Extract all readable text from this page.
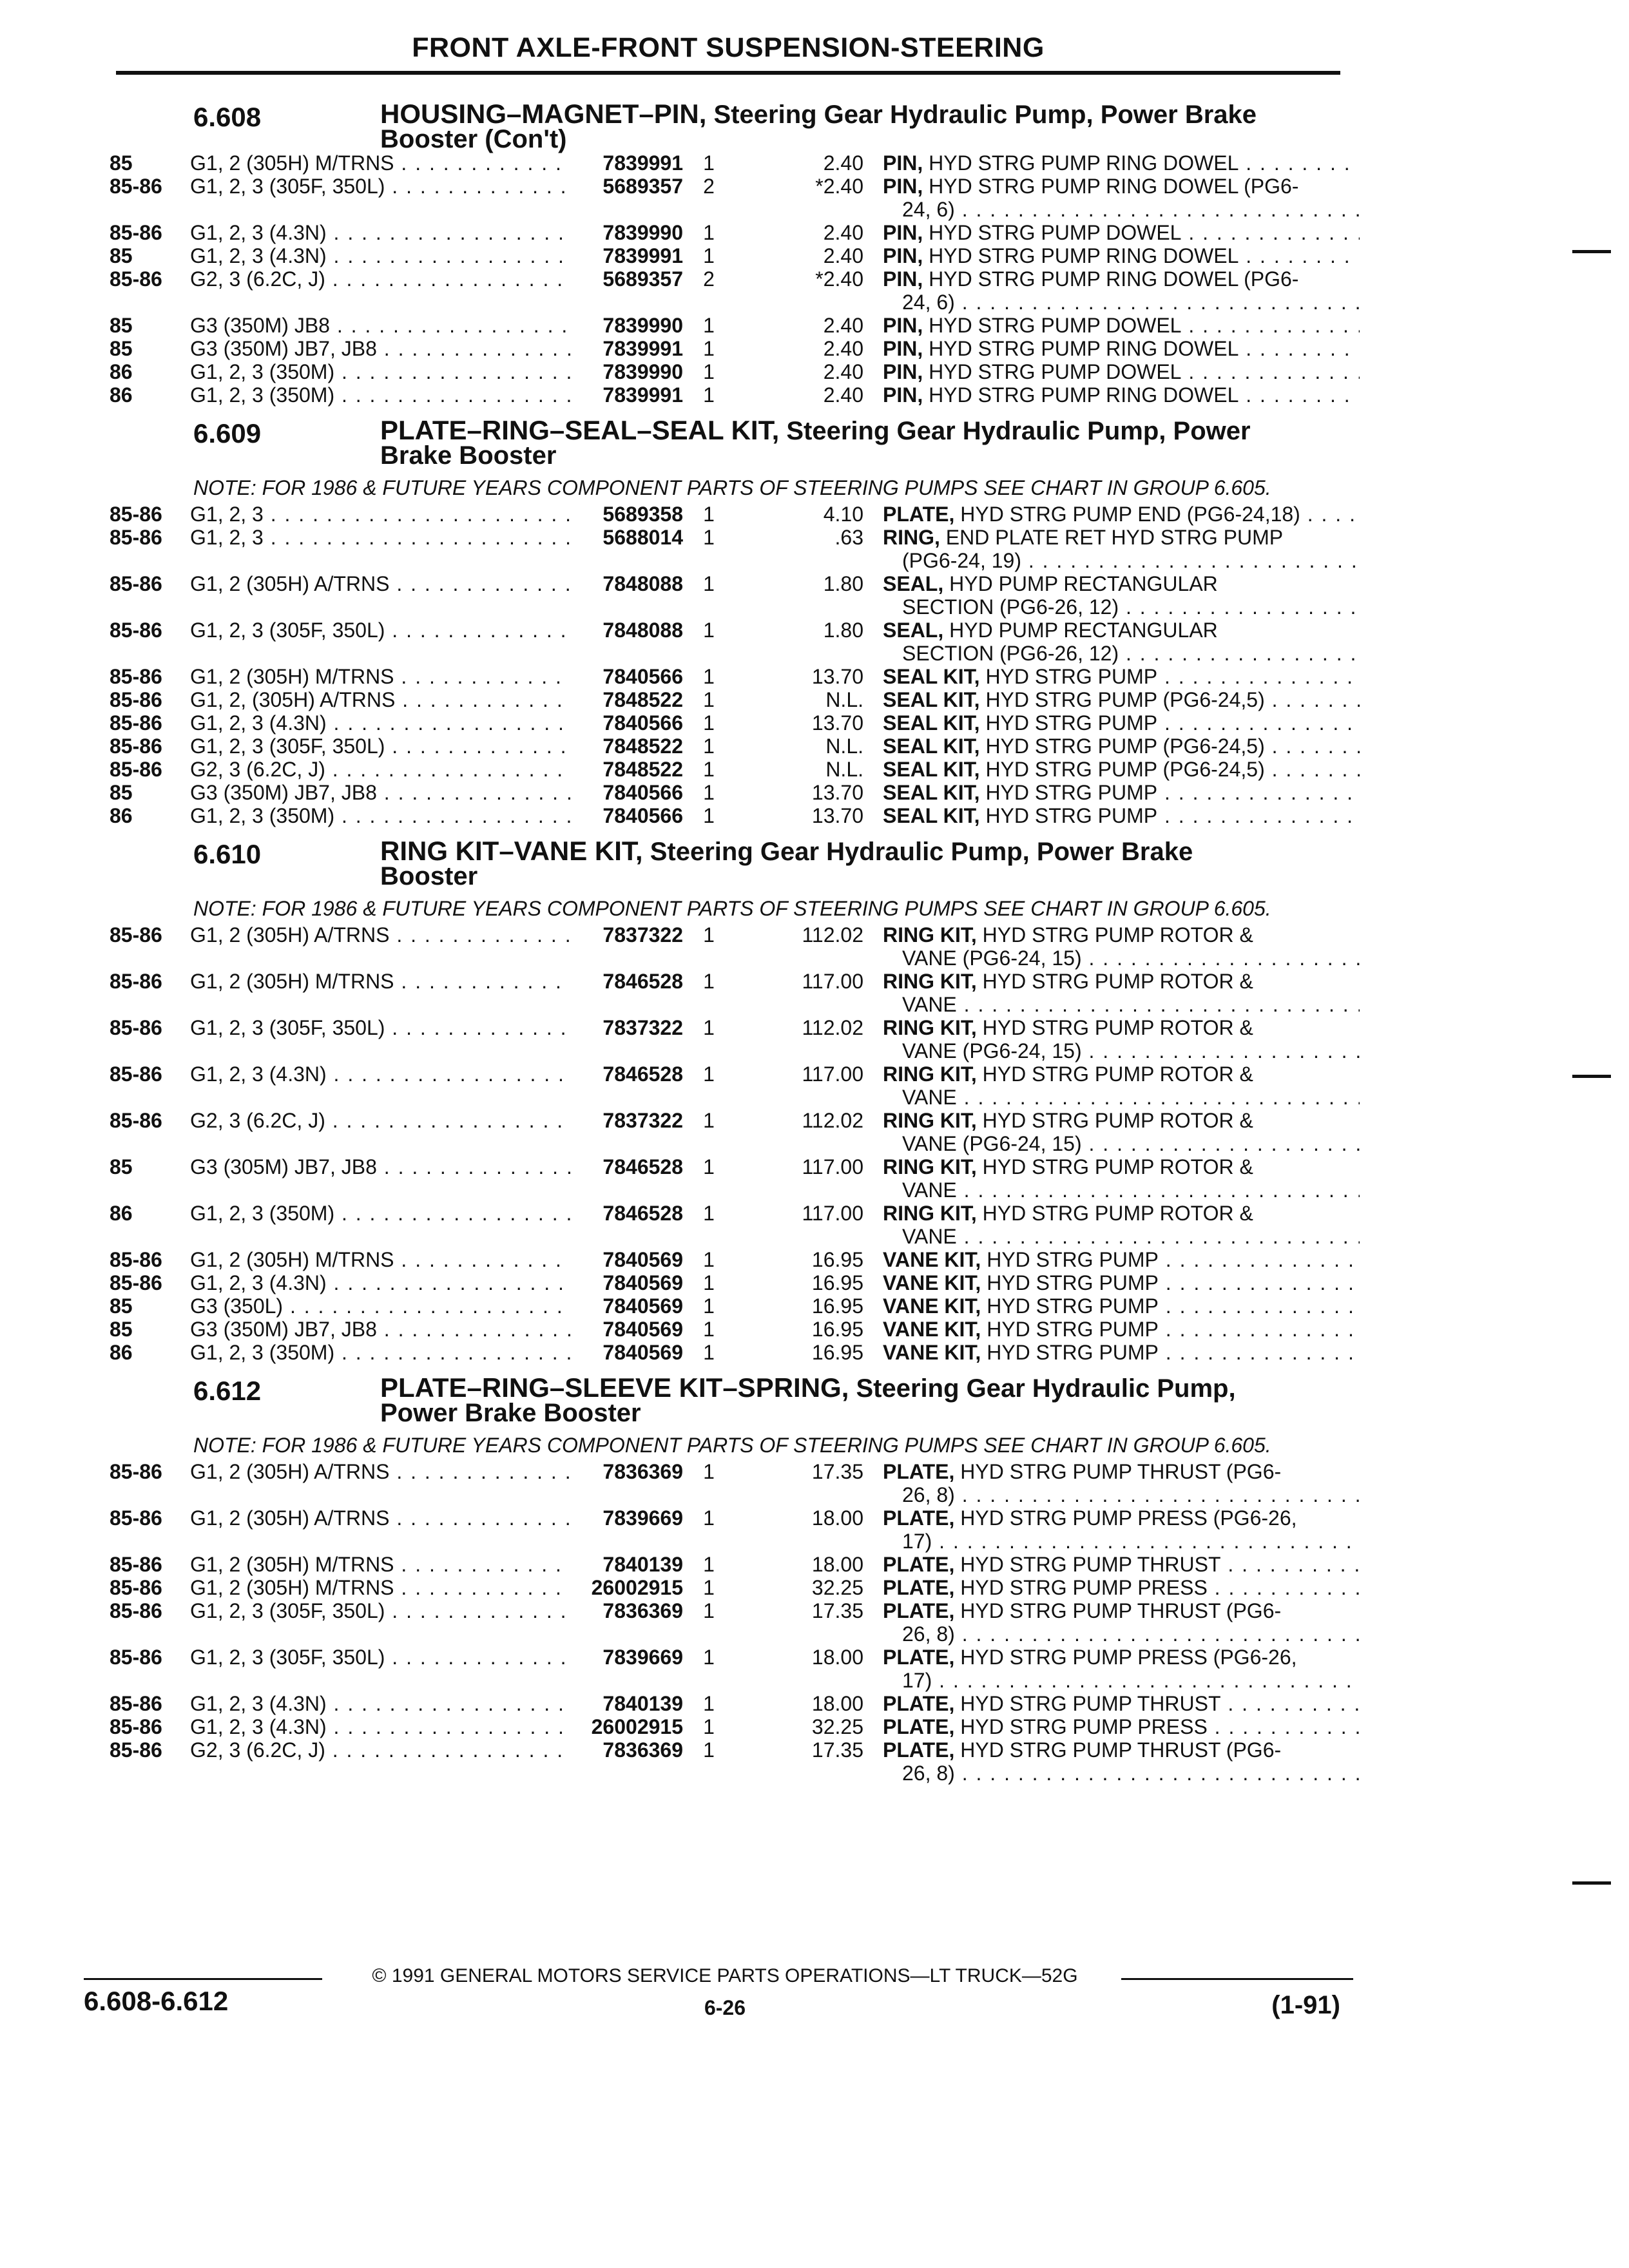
FRONT AXLE-FRONT SUSPENSION-STEERING
6.608	HOUSING–MAGNET–PIN, Steering Gear Hydraulic Pump, Power Brake
Booster (Con't)
85	G1, 2 (305H) M/TRNS . . .	7839991 1	2.40 PIN, HYD STRG PUMP RING DOWEL . . .
85-86	G1, 2, 3 (305F, 350L) . . .	5689357 2	*2.40 PIN, HYD STRG PUMP RING DOWEL (PG6-
24, 6) . . .
85-86	G1, 2, 3 (4.3N) . . .	7839990 1	2.40 PIN, HYD STRG PUMP DOWEL . . .
85	G1, 2, 3 (4.3N) . . .	7839991 1	2.40 PIN, HYD STRG PUMP RING DOWEL . . .
85-86	G2, 3 (6.2C, J) . . .	5689357 2	*2.40 PIN, HYD STRG PUMP RING DOWEL (PG6-
24, 6) . . .
85	G3 (350M) JB8 . . .	7839990 1	2.40 PIN, HYD STRG PUMP DOWEL . . .
85	G3 (350M) JB7, JB8 . . .	7839991 1	2.40 PIN, HYD STRG PUMP RING DOWEL . . .
86	G1, 2, 3 (350M) . . .	7839990 1	2.40 PIN, HYD STRG PUMP DOWEL . . .
86	G1, 2, 3 (350M) . . .	7839991 1	2.40 PIN, HYD STRG PUMP RING DOWEL . . .
6.609	PLATE–RING–SEAL–SEAL KIT, Steering Gear Hydraulic Pump, Power
Brake Booster
NOTE: FOR 1986 & FUTURE YEARS COMPONENT PARTS OF STEERING PUMPS SEE CHART IN GROUP 6.605.
85-86	G1, 2, 3 . . .	5689358 1	4.10 PLATE, HYD STRG PUMP END (PG6-24,18) . . .
85-86	G1, 2, 3 . . .	5688014 1	.63 RING, END PLATE RET HYD STRG PUMP
(PG6-24, 19) . . .
85-86	G1, 2 (305H) A/TRNS . . .	7848088 1	1.80 SEAL, HYD PUMP RECTANGULAR
SECTION (PG6-26, 12) . . .
85-86	G1, 2, 3 (305F, 350L) . . .	7848088 1	1.80 SEAL, HYD PUMP RECTANGULAR
SECTION (PG6-26, 12) . . .
85-86	G1, 2 (305H) M/TRNS . . .	7840566 1	13.70 SEAL KIT, HYD STRG PUMP . . .
85-86	G1, 2, (305H) A/TRNS . . .	7848522 1	N.L. SEAL KIT, HYD STRG PUMP (PG6-24,5) . . .
85-86	G1, 2, 3 (4.3N) . . .	7840566 1	13.70 SEAL KIT, HYD STRG PUMP . . .
85-86	G1, 2, 3 (305F, 350L) . . .	7848522 1	N.L. SEAL KIT, HYD STRG PUMP (PG6-24,5) . . .
85-86	G2, 3 (6.2C, J) . . .	7848522 1	N.L. SEAL KIT, HYD STRG PUMP (PG6-24,5) . . .
85	G3 (350M) JB7, JB8 . . .	7840566 1	13.70 SEAL KIT, HYD STRG PUMP . . .
86	G1, 2, 3 (350M) . . .	7840566 1	13.70 SEAL KIT, HYD STRG PUMP . . .
6.610	RING KIT–VANE KIT, Steering Gear Hydraulic Pump, Power Brake
Booster
NOTE: FOR 1986 & FUTURE YEARS COMPONENT PARTS OF STEERING PUMPS SEE CHART IN GROUP 6.605.
85-86	G1, 2 (305H) A/TRNS . . .	7837322 1	112.02 RING KIT, HYD STRG PUMP ROTOR &
VANE (PG6-24, 15) . . .
85-86	G1, 2 (305H) M/TRNS . . .	7846528 1	117.00 RING KIT, HYD STRG PUMP ROTOR &
VANE . . .
85-86	G1, 2, 3 (305F, 350L) . . .	7837322 1	112.02 RING KIT, HYD STRG PUMP ROTOR &
VANE (PG6-24, 15) . . .
85-86	G1, 2, 3 (4.3N) . . .	7846528 1	117.00 RING KIT, HYD STRG PUMP ROTOR &
VANE . . .
85-86	G2, 3 (6.2C, J) . . .	7837322 1	112.02 RING KIT, HYD STRG PUMP ROTOR &
VANE (PG6-24, 15) . . .
85	G3 (305M) JB7, JB8 . . .	7846528 1	117.00 RING KIT, HYD STRG PUMP ROTOR &
VANE . . .
86	G1, 2, 3 (350M) . . .	7846528 1	117.00 RING KIT, HYD STRG PUMP ROTOR &
VANE . . .
85-86	G1, 2 (305H) M/TRNS . . .	7840569 1	16.95 VANE KIT, HYD STRG PUMP . . .
85-86	G1, 2, 3 (4.3N) . . .	7840569 1	16.95 VANE KIT, HYD STRG PUMP . . .
85	G3 (350L) . . .	7840569 1	16.95 VANE KIT, HYD STRG PUMP . . .
85	G3 (350M) JB7, JB8 . . .	7840569 1	16.95 VANE KIT, HYD STRG PUMP . . .
86	G1, 2, 3 (350M) . . .	7840569 1	16.95 VANE KIT, HYD STRG PUMP . . .
6.612	PLATE–RING–SLEEVE KIT–SPRING, Steering Gear Hydraulic Pump,
Power Brake Booster
NOTE: FOR 1986 & FUTURE YEARS COMPONENT PARTS OF STEERING PUMPS SEE CHART IN GROUP 6.605.
85-86	G1, 2 (305H) A/TRNS . . .	7836369 1	17.35 PLATE, HYD STRG PUMP THRUST (PG6-
26, 8) . . .
85-86	G1, 2 (305H) A/TRNS . . .	7839669 1	18.00 PLATE, HYD STRG PUMP PRESS (PG6-26,
17) . . .
85-86	G1, 2 (305H) M/TRNS . . .	7840139 1	18.00 PLATE, HYD STRG PUMP THRUST . . .
85-86	G1, 2 (305H) M/TRNS . . .	26002915 1	32.25 PLATE, HYD STRG PUMP PRESS . . .
85-86	G1, 2, 3 (305F, 350L) . . .	7836369 1	17.35 PLATE, HYD STRG PUMP THRUST (PG6-
26, 8) . . .
85-86	G1, 2, 3 (305F, 350L) . . .	7839669 1	18.00 PLATE, HYD STRG PUMP PRESS (PG6-26,
17) . . .
85-86	G1, 2, 3 (4.3N) . . .	7840139 1	18.00 PLATE, HYD STRG PUMP THRUST . . .
85-86	G1, 2, 3 (4.3N) . . .	26002915 1	32.25 PLATE, HYD STRG PUMP PRESS . . .
85-86	G2, 3 (6.2C, J) . . .	7836369 1	17.35 PLATE, HYD STRG PUMP THRUST (PG6-
26, 8) . . .
© 1991 GENERAL MOTORS SERVICE PARTS OPERATIONS—LT TRUCK—52G
6.608-6.612	6-26	(1-91)
